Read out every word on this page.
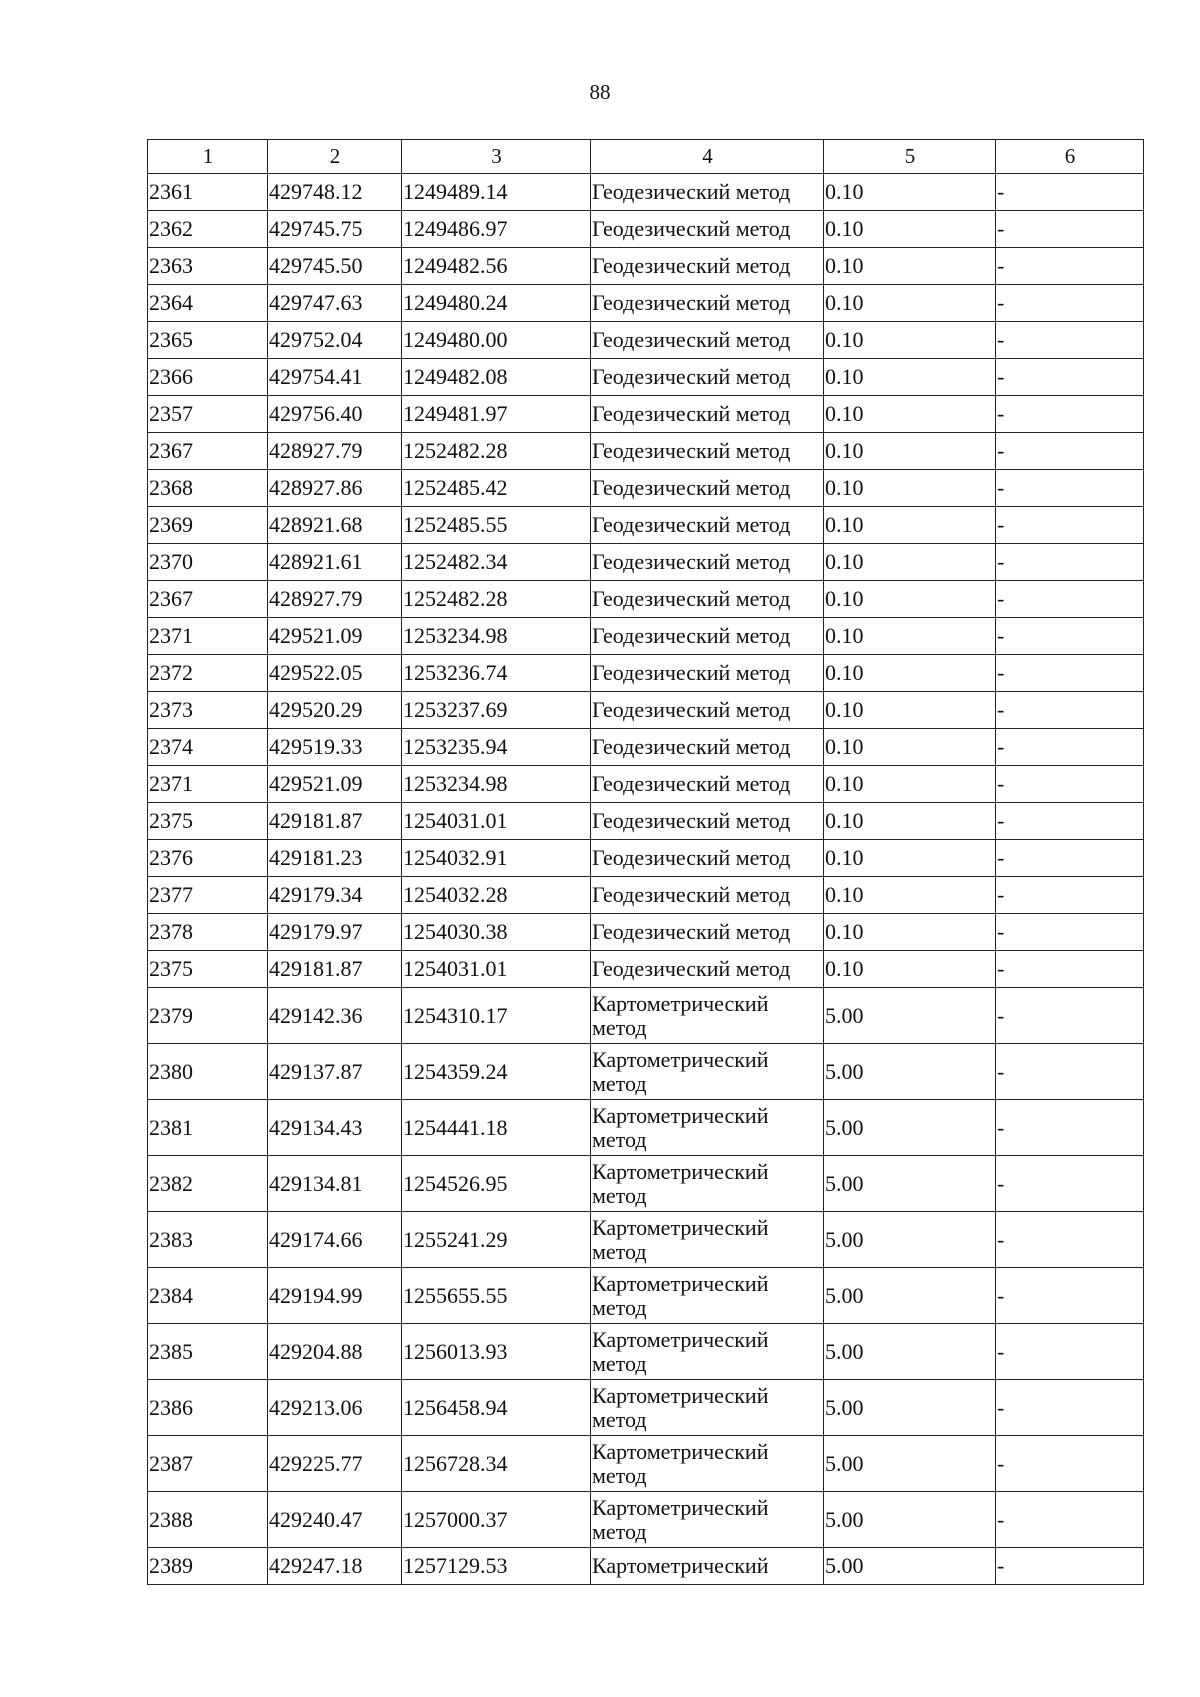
88
1	2	3	4	5	6
2361	429748.12	1249489.14	Геодезический метод	0.10	-
2362	429745.75	1249486.97	Геодезический метод	0.10	-
2363	429745.50	1249482.56	Геодезический метод	0.10	-
2364	429747.63	1249480.24	Геодезический метод	0.10	-
2365	429752.04	1249480.00	Геодезический метод	0.10	-
2366	429754.41	1249482.08	Геодезический метод	0.10	-
2357	429756.40	1249481.97	Геодезический метод	0.10	-
2367	428927.79	1252482.28	Геодезический метод	0.10	-
2368	428927.86	1252485.42	Геодезический метод	0.10	-
2369	428921.68	1252485.55	Геодезический метод	0.10	-
2370	428921.61	1252482.34	Геодезический метод	0.10	-
2367	428927.79	1252482.28	Геодезический метод	0.10	-
2371	429521.09	1253234.98	Геодезический метод	0.10	-
2372	429522.05	1253236.74	Геодезический метод	0.10	-
2373	429520.29	1253237.69	Геодезический метод	0.10	-
2374	429519.33	1253235.94	Геодезический метод	0.10	-
2371	429521.09	1253234.98	Геодезический метод	0.10	-
2375	429181.87	1254031.01	Геодезический метод	0.10	-
2376	429181.23	1254032.91	Геодезический метод	0.10	-
2377	429179.34	1254032.28	Геодезический метод	0.10	-
2378	429179.97	1254030.38	Геодезический метод	0.10	-
2375	429181.87	1254031.01	Геодезический метод	0.10	-
2379	429142.36	1254310.17	Картометрический метод	5.00	-
2380	429137.87	1254359.24	Картометрический метод	5.00	-
2381	429134.43	1254441.18	Картометрический метод	5.00	-
2382	429134.81	1254526.95	Картометрический метод	5.00	-
2383	429174.66	1255241.29	Картометрический метод	5.00	-
2384	429194.99	1255655.55	Картометрический метод	5.00	-
2385	429204.88	1256013.93	Картометрический метод	5.00	-
2386	429213.06	1256458.94	Картометрический метод	5.00	-
2387	429225.77	1256728.34	Картометрический метод	5.00	-
2388	429240.47	1257000.37	Картометрический метод	5.00	-
2389	429247.18	1257129.53	Картометрический	5.00	-
